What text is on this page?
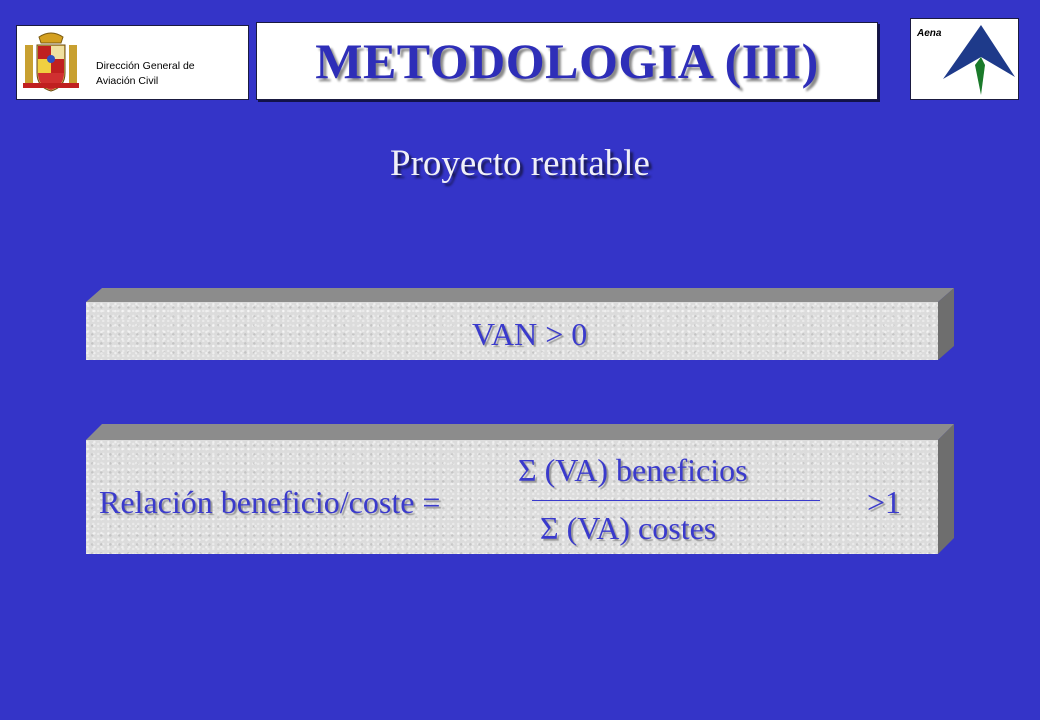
Dirección General de
Aviación Civil	METODOLOGIA (III)	Aena
Proyecto rentable
VAN > 0
Relación beneficio/coste =
Σ (VA) beneficios
Σ (VA) costes
>1
